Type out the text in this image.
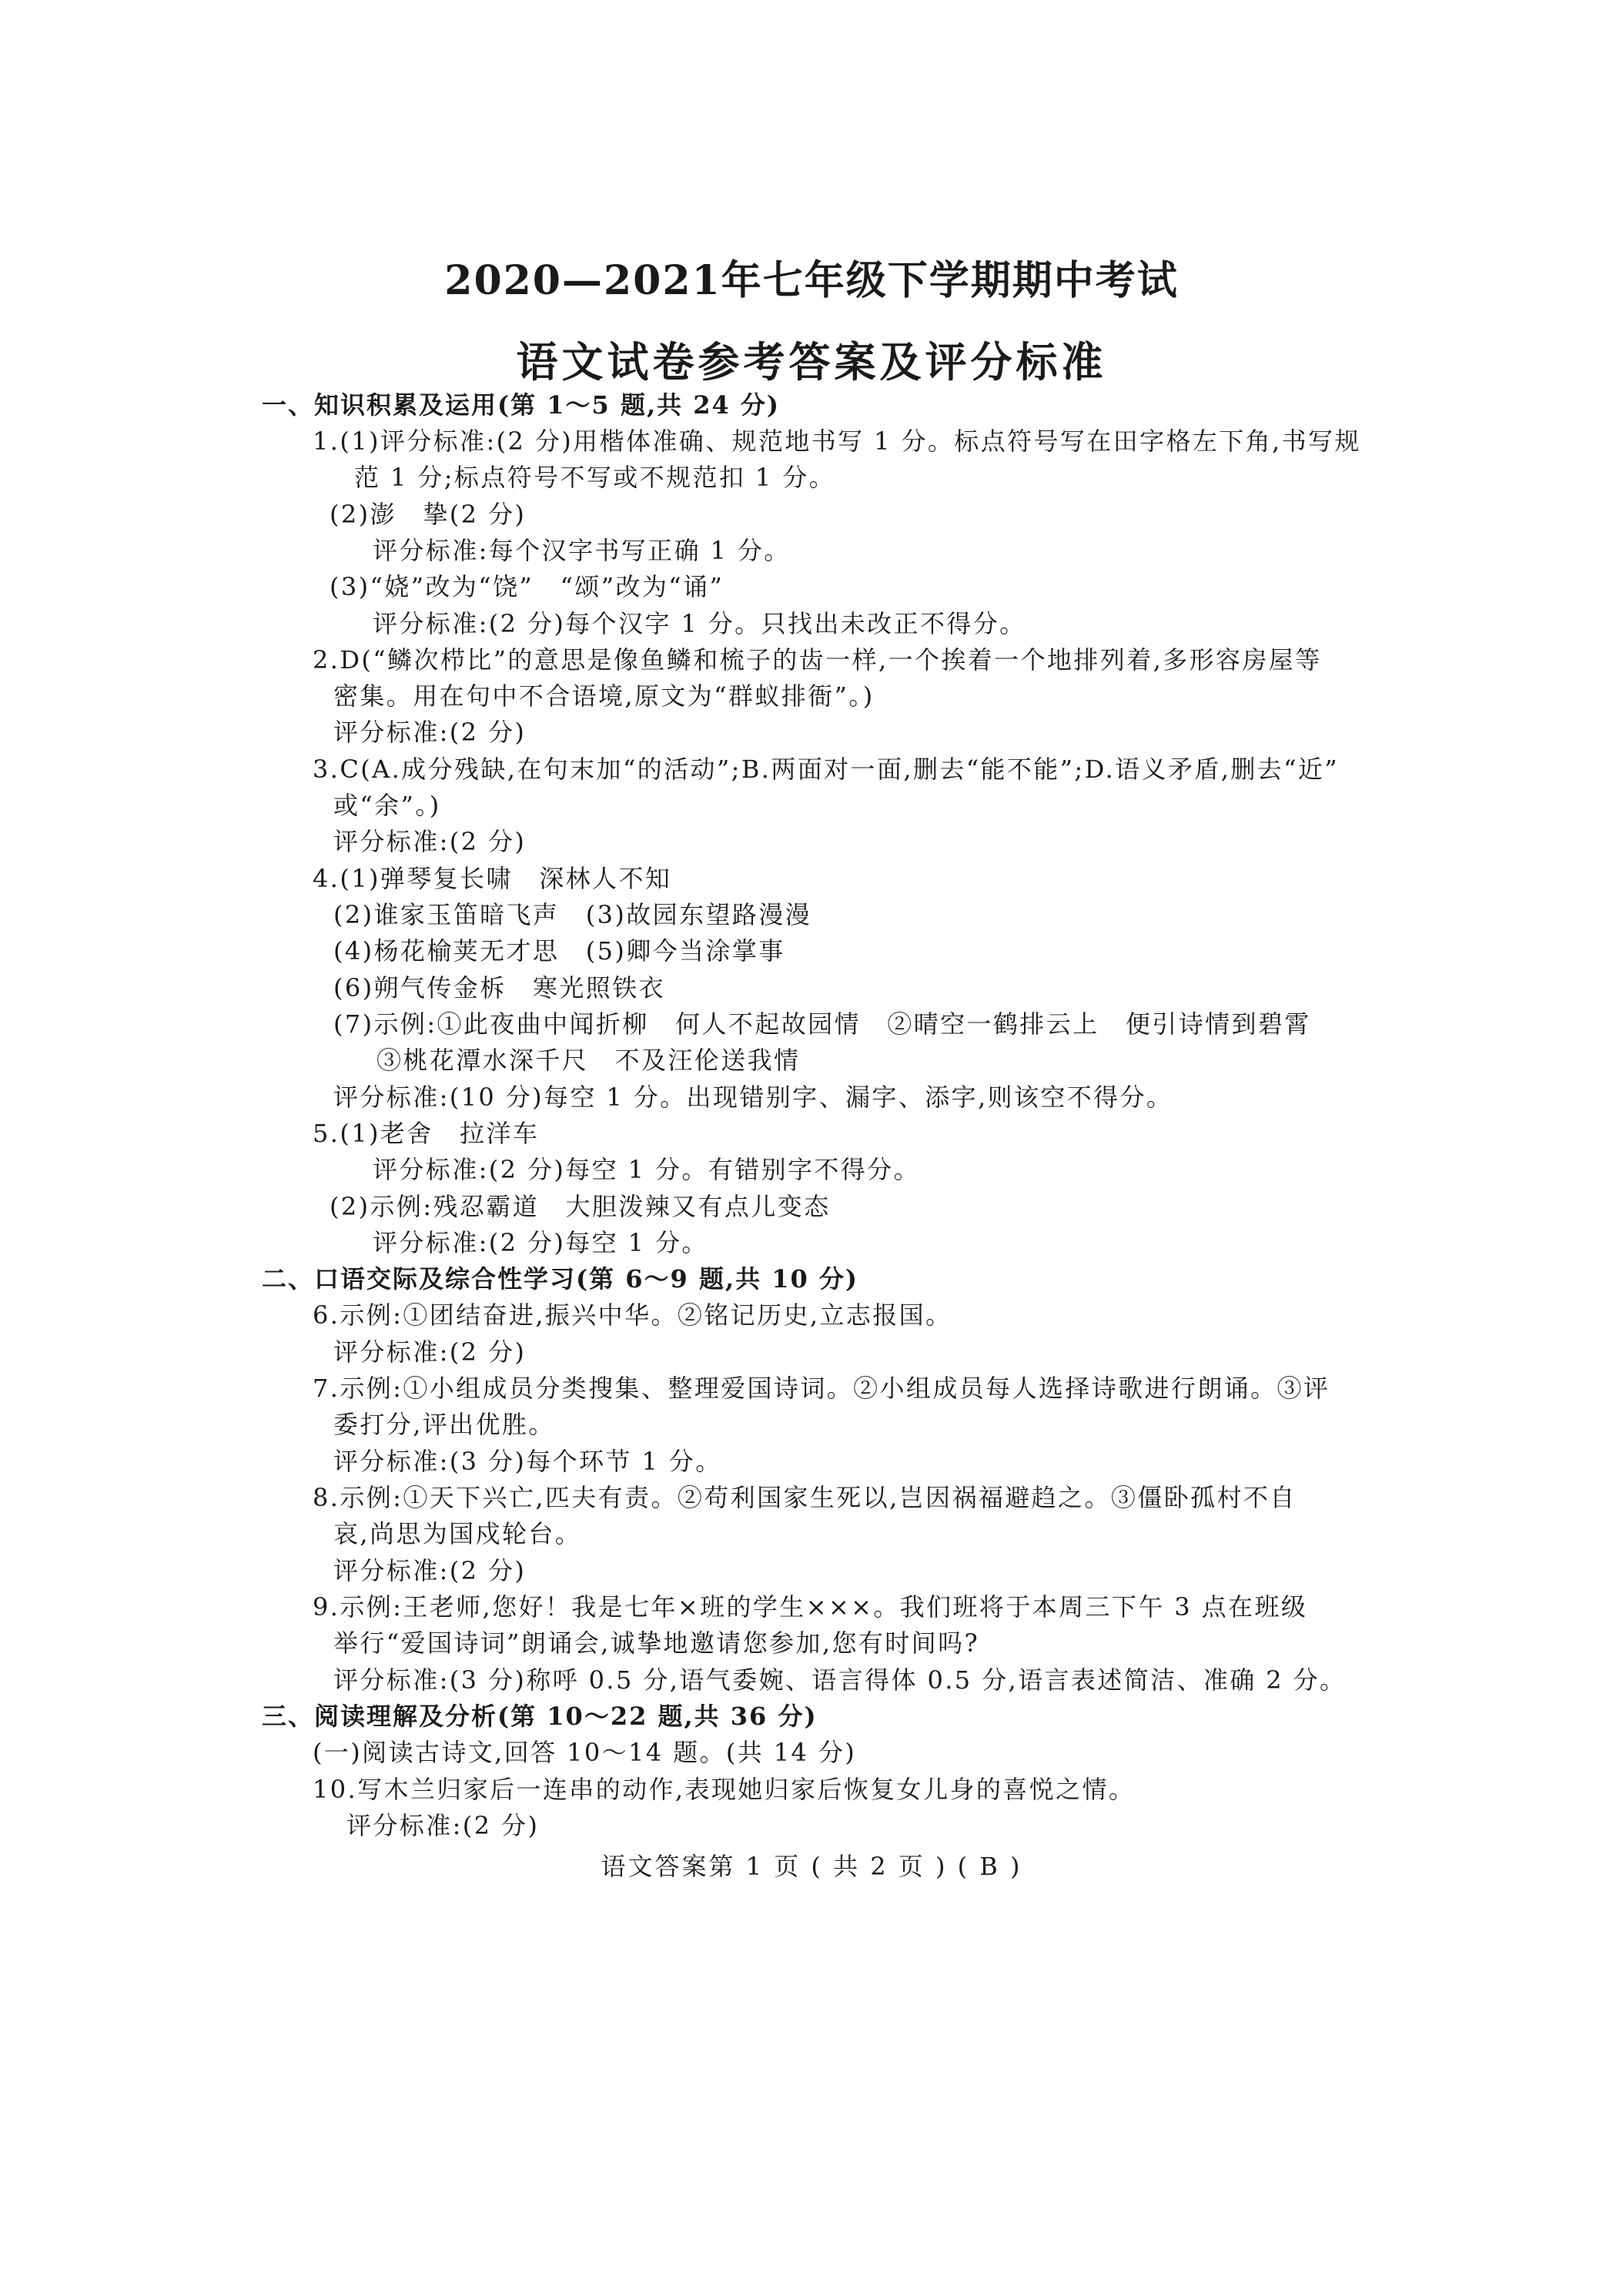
2020—2021年七年级下学期期中考试
语文试卷参考答案及评分标准
一、知识积累及运用(第 1～5 题,共 24 分)
1.(1)评分标准:(2 分)用楷体准确、规范地书写 1 分。标点符号写在田字格左下角,书写规
范 1 分;标点符号不写或不规范扣 1 分。
(2)澎　挚(2 分)
评分标准:每个汉字书写正确 1 分。
(3)“娆”改为“饶”　“颂”改为“诵”
评分标准:(2 分)每个汉字 1 分。只找出未改正不得分。
2.D(“鳞次栉比”的意思是像鱼鳞和梳子的齿一样,一个挨着一个地排列着,多形容房屋等
密集。用在句中不合语境,原文为“群蚁排衙”。)
评分标准:(2 分)
3.C(A.成分残缺,在句末加“的活动”;B.两面对一面,删去“能不能”;D.语义矛盾,删去“近”
或“余”。)
评分标准:(2 分)
4.(1)弹琴复长啸　深林人不知
(2)谁家玉笛暗飞声　(3)故园东望路漫漫
(4)杨花榆荚无才思　(5)卿今当涂掌事
(6)朔气传金柝　寒光照铁衣
(7)示例:①此夜曲中闻折柳　何人不起故园情　②晴空一鹤排云上　便引诗情到碧霄
③桃花潭水深千尺　不及汪伦送我情
评分标准:(10 分)每空 1 分。出现错别字、漏字、添字,则该空不得分。
5.(1)老舍　拉洋车
评分标准:(2 分)每空 1 分。有错别字不得分。
(2)示例:残忍霸道　大胆泼辣又有点儿变态
评分标准:(2 分)每空 1 分。
二、口语交际及综合性学习(第 6～9 题,共 10 分)
6.示例:①团结奋进,振兴中华。②铭记历史,立志报国。
评分标准:(2 分)
7.示例:①小组成员分类搜集、整理爱国诗词。②小组成员每人选择诗歌进行朗诵。③评
委打分,评出优胜。
评分标准:(3 分)每个环节 1 分。
8.示例:①天下兴亡,匹夫有责。②苟利国家生死以,岂因祸福避趋之。③僵卧孤村不自
哀,尚思为国戍轮台。
评分标准:(2 分)
9.示例:王老师,您好！我是七年×班的学生×××。我们班将于本周三下午 3 点在班级
举行“爱国诗词”朗诵会,诚挚地邀请您参加,您有时间吗?
评分标准:(3 分)称呼 0.5 分,语气委婉、语言得体 0.5 分,语言表述简洁、准确 2 分。
三、阅读理解及分析(第 10～22 题,共 36 分)
(一)阅读古诗文,回答 10～14 题。(共 14 分)
10.写木兰归家后一连串的动作,表现她归家后恢复女儿身的喜悦之情。
评分标准:(2 分)
语文答案第 1 页 ( 共 2 页 ) ( B )
